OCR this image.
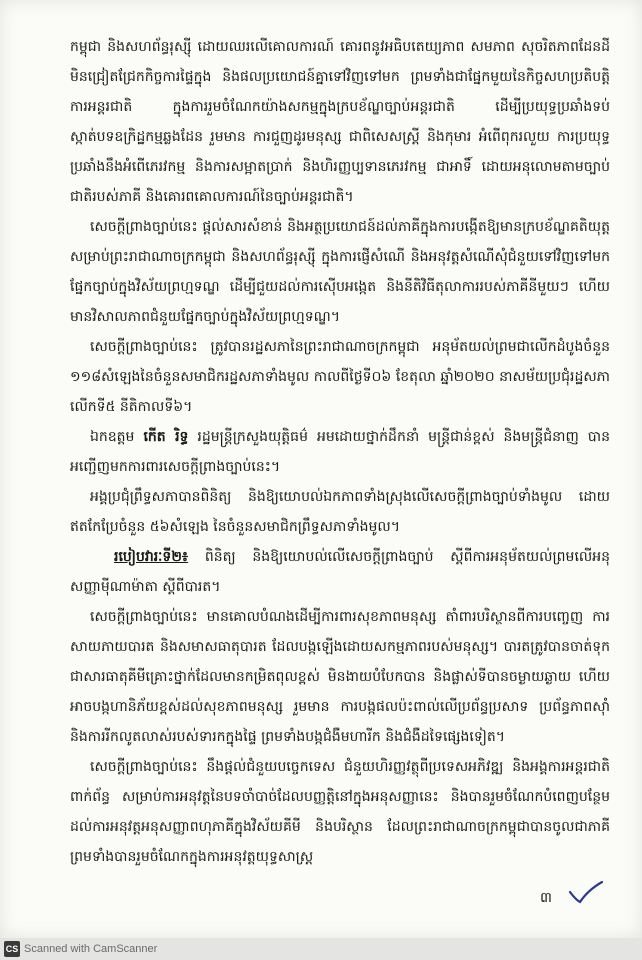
កម្ពុជា និងសហព័ន្ធរុស្ស៊ី ដោយឈរលើគោលការណ៍ គោរពនូវអធិបតេយ្យភាព សមភាព សុចរិតភាពដែនដី មិនជ្រៀតជ្រែកកិច្ចការផ្ទៃក្នុង និងផលប្រយោជន៍គ្នាទៅវិញទៅមក ព្រមទាំងជាផ្នែកមួយនៃកិច្ចសហប្រតិបត្តិការអន្តរជាតិ ក្នុងការរួមចំណែកយ៉ាងសកម្មក្នុងក្របខ័ណ្ឌច្បាប់អន្តរជាតិ ដើម្បីប្រយុទ្ធប្រឆាំងទប់ស្កាត់បទឧក្រិដ្ឋកម្មឆ្លងដែន រួមមាន ការជួញដូរមនុស្ស ជាពិសេសស្ត្រី និងកុមារ អំពើពុករលួយ ការប្រយុទ្ធប្រឆាំងនឹងអំពើភេរវកម្ម និងការសម្អាតប្រាក់ និងហិរញ្ញប្បទានភេរវកម្ម ជាអាទិ៍ ដោយអនុលោមតាមច្បាប់ជាតិរបស់ភាគី និងគោរពគោលការណ៍នៃច្បាប់អន្តរជាតិ។

សេចក្តីព្រាងច្បាប់នេះ ផ្តល់សារសំខាន់ និងអត្ថប្រយោជន៍ដល់ភាគីក្នុងការបង្កើតឱ្យមានក្របខ័ណ្ឌគតិយុត្តសម្រាប់ព្រះរាជាណាចក្រកម្ពុជា និងសហព័ន្ធរុស្ស៊ី ក្នុងការផ្ញើសំណើ និងអនុវត្តសំណើសុំជំនួយទៅវិញទៅមកផ្នែកច្បាប់ក្នុងវិស័យព្រហ្មទណ្ឌ ដើម្បីជួយដល់ការស៊ើបអង្កេត និងនីតិវិធីតុលាការរបស់ភាគីនីមួយៗ ហើយមានវិសាលភាពជំនួយផ្នែកច្បាប់ក្នុងវិស័យព្រហ្មទណ្ឌ។

សេចក្តីព្រាងច្បាប់នេះ ត្រូវបានរដ្ឋសភានៃព្រះរាជាណាចក្រកម្ពុជា អនុម័តយល់ព្រមជាលើកដំបូងចំនួន ១១៨សំឡេងនៃចំនួនសមាជិករដ្ឋសភាទាំងមូល កាលពីថ្ងៃទី០៦ ខែតុលា ឆ្នាំ២០២០ នាសម័យប្រជុំរដ្ឋសភាលើកទី៥ នីតិកាលទី៦។

ឯកឧត្តម កើត រិទ្ធ រដ្ឋមន្ត្រីក្រសួងយុត្តិធម៌ អមដោយថ្នាក់ដឹកនាំ មន្ត្រីជាន់ខ្ពស់ និងមន្ត្រីជំនាញ បានអញ្ជើញមកការពារសេចក្តីព្រាងច្បាប់នេះ។

អង្គប្រជុំព្រឹទ្ធសភាបានពិនិត្យ និងឱ្យយោបល់ឯកភាពទាំងស្រុងលើសេចក្តីព្រាងច្បាប់ទាំងមូល ដោយឥតកែប្រែចំនួន ៥៦សំឡេង នៃចំនួនសមាជិកព្រឹទ្ធសភាទាំងមូល។

របៀបវារៈទី២៖ ពិនិត្យ និងឱ្យយោបល់លើសេចក្តីព្រាងច្បាប់ ស្តីពីការអនុម័តយល់ព្រមលើអនុសញ្ញាម៉ីណាម៉ាតា ស្តីពីបារត។

សេចក្តីព្រាងច្បាប់នេះ មានគោលបំណងដើម្បីការពារសុខភាពមនុស្ស តាំពារបរិស្ថានពីការបញ្ចេញ ការសាយភាយបារត និងសមាសធាតុបារត ដែលបង្កឡើងដោយសកម្មភាពរបស់មនុស្ស។ បារតត្រូវបានចាត់ទុកជាសារធាតុគីមីគ្រោះថ្នាក់ដែលមានកម្រិតពុលខ្ពស់ មិនងាយបំបែកបាន និងផ្លាស់ទីបានចម្ងាយឆ្ងាយ ហើយអាចបង្កហានិភ័យខ្ពស់ដល់សុខភាពមនុស្ស រួមមាន ការបង្កផលប៉ះពាល់លើប្រព័ន្ធប្រសាទ ប្រព័ន្ធភាពស៊ាំ និងការរីកលូតលាស់របស់ទារកក្នុងផ្ទៃ ព្រមទាំងបង្កជំងឺមហារីក និងជំងឺដទៃផ្សេងទៀត។

សេចក្តីព្រាងច្បាប់នេះ នឹងផ្តល់ជំនួយបច្ចេកទេស ជំនួយហិរញ្ញវត្ថុពីប្រទេសអភិវឌ្ឍ និងអង្គការអន្តរជាតិពាក់ព័ន្ធ សម្រាប់ការអនុវត្តនៃបទចាំបាច់ដែលបញ្ញត្តិនៅក្នុងអនុសញ្ញានេះ និងបានរួមចំណែកបំពេញបន្ថែមដល់ការអនុវត្តអនុសញ្ញាពហុភាគីក្នុងវិស័យគីមី និងបរិស្ថាន ដែលព្រះរាជាណាចក្រកម្ពុជាបានចូលជាភាគី ព្រមទាំងបានរួមចំណែកក្នុងការអនុវត្តយុទ្ធសាស្ត្រ

៣
CS Scanned with CamScanner
